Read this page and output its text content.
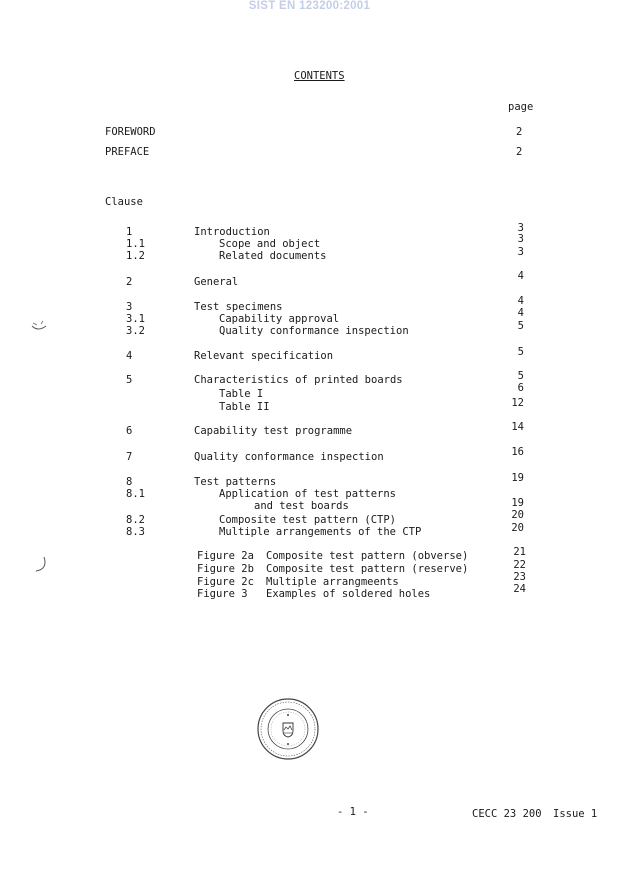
SIST EN 123200:2001
CONTENTS
page
FOREWORD	2
PREFACE	2
Clause
1	Introduction	3
1.1	Scope and object	3
1.2	Related documents	3
2	General	4
3	Test specimens	4
3.1	Capability approval	4
3.2	Quality conformance inspection	5
4	Relevant specification	5
5	Characteristics of printed boards	5
Table I	6
Table II	12
6	Capability test programme	14
7	Quality conformance inspection	16
8	Test patterns	19
8.1	Application of test patterns
and test boards	19
8.2	Composite test pattern (CTP)	20
8.3	Multiple arrangements of the CTP	20
Figure 2a Composite test pattern (obverse)	21
Figure 2b Composite test pattern (reserve)	22
Figure 2c Multiple arrangmeents	23
Figure 3 Examples of soldered holes	24
- 1 -	CECC 23 200 Issue 1
